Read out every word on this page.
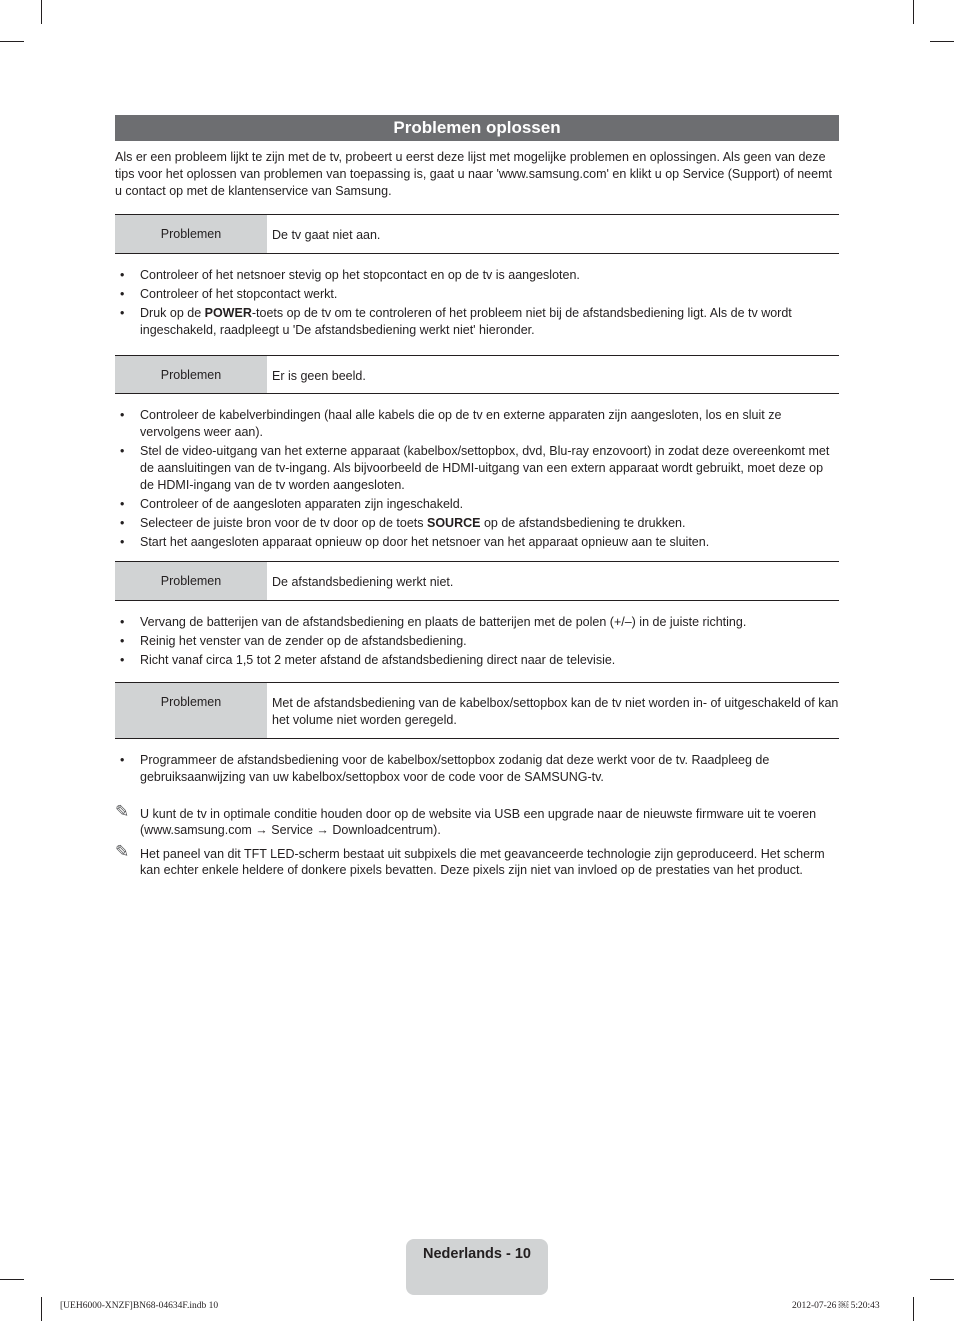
Problemen oplossen

Als er een probleem lijkt te zijn met de tv, probeert u eerst deze lijst met mogelijke problemen en oplossingen. Als geen van deze tips voor het oplossen van problemen van toepassing is, gaat u naar 'www.samsung.com' en klikt u op Service (Support) of neemt u contact op met de klantenservice van Samsung.

Problemen	De tv gaat niet aan.
• Controleer of het netsnoer stevig op het stopcontact en op de tv is aangesloten.
• Controleer of het stopcontact werkt.
• Druk op de POWER-toets op de tv om te controleren of het probleem niet bij de afstandsbediening ligt. Als de tv wordt ingeschakeld, raadpleegt u 'De afstandsbediening werkt niet' hieronder.
Problemen	Er is geen beeld.
• Controleer de kabelverbindingen (haal alle kabels die op de tv en externe apparaten zijn aangesloten, los en sluit ze vervolgens weer aan).
• Stel de video-uitgang van het externe apparaat (kabelbox/settopbox, dvd, Blu-ray enzovoort) in zodat deze overeenkomt met de aansluitingen van de tv-ingang. Als bijvoorbeeld de HDMI-uitgang van een extern apparaat wordt gebruikt, moet deze op de HDMI-ingang van de tv worden aangesloten.
• Controleer of de aangesloten apparaten zijn ingeschakeld.
• Selecteer de juiste bron voor de tv door op de toets SOURCE op de afstandsbediening te drukken.
• Start het aangesloten apparaat opnieuw op door het netsnoer van het apparaat opnieuw aan te sluiten.
Problemen	De afstandsbediening werkt niet.
• Vervang de batterijen van de afstandsbediening en plaats de batterijen met de polen (+/–) in de juiste richting.
• Reinig het venster van de zender op de afstandsbediening.
• Richt vanaf circa 1,5 tot 2 meter afstand de afstandsbediening direct naar de televisie.
Problemen	Met de afstandsbediening van de kabelbox/settopbox kan de tv niet worden in- of uitgeschakeld of kan het volume niet worden geregeld.
• Programmeer de afstandsbediening voor de kabelbox/settopbox zodanig dat deze werkt voor de tv. Raadpleeg de gebruiksaanwijzing van uw kabelbox/settopbox voor de code voor de SAMSUNG-tv.
✎ U kunt de tv in optimale conditie houden door op de website via USB een upgrade naar de nieuwste firmware uit te voeren (www.samsung.com → Service → Downloadcentrum).
✎ Het paneel van dit TFT LED-scherm bestaat uit subpixels die met geavanceerde technologie zijn geproduceerd. Het scherm kan echter enkele heldere of donkere pixels bevatten. Deze pixels zijn niet van invloed op de prestaties van het product.
Nederlands - 10
[UEH6000-XNZF]BN68-04634F.indb 10	2012-07-26 ￼ 5:20:43
